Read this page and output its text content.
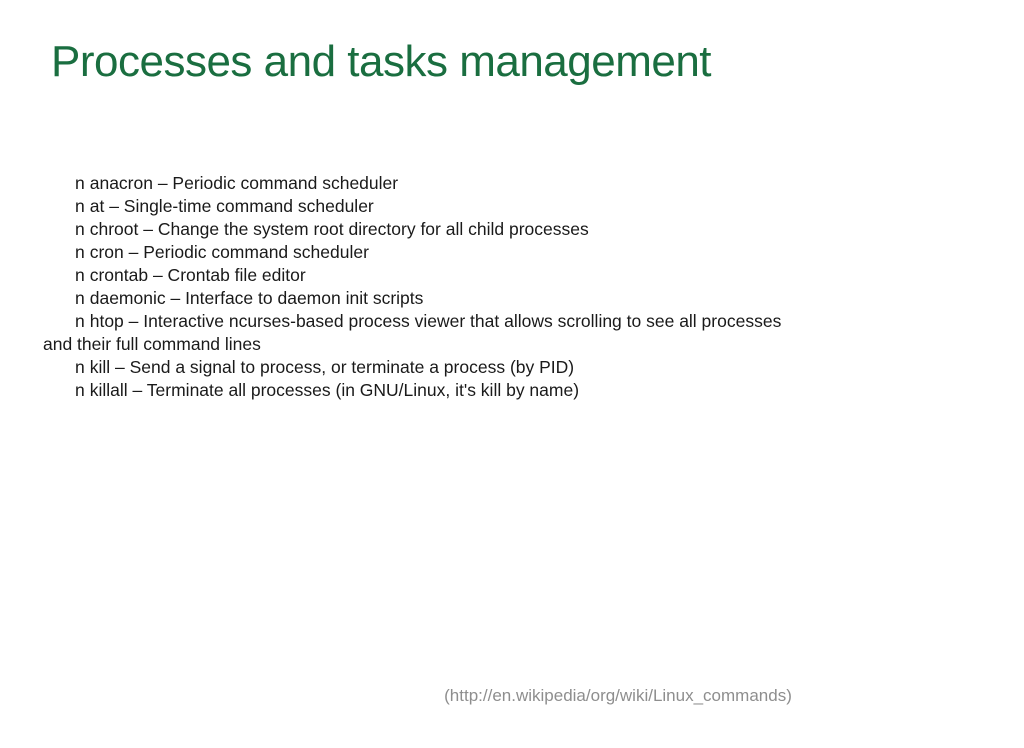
Processes and tasks management
n anacron – Periodic command scheduler
n at – Single-time command scheduler
n chroot – Change the system root directory for all child processes
n cron – Periodic command scheduler
n crontab – Crontab file editor
n daemonic – Interface to daemon init scripts
n htop – Interactive ncurses-based process viewer that allows scrolling to see all processes
and their full command lines
n kill – Send a signal to process, or terminate a process (by PID)
n killall – Terminate all processes (in GNU/Linux, it's kill by name)
(http://en.wikipedia/org/wiki/Linux_commands)
